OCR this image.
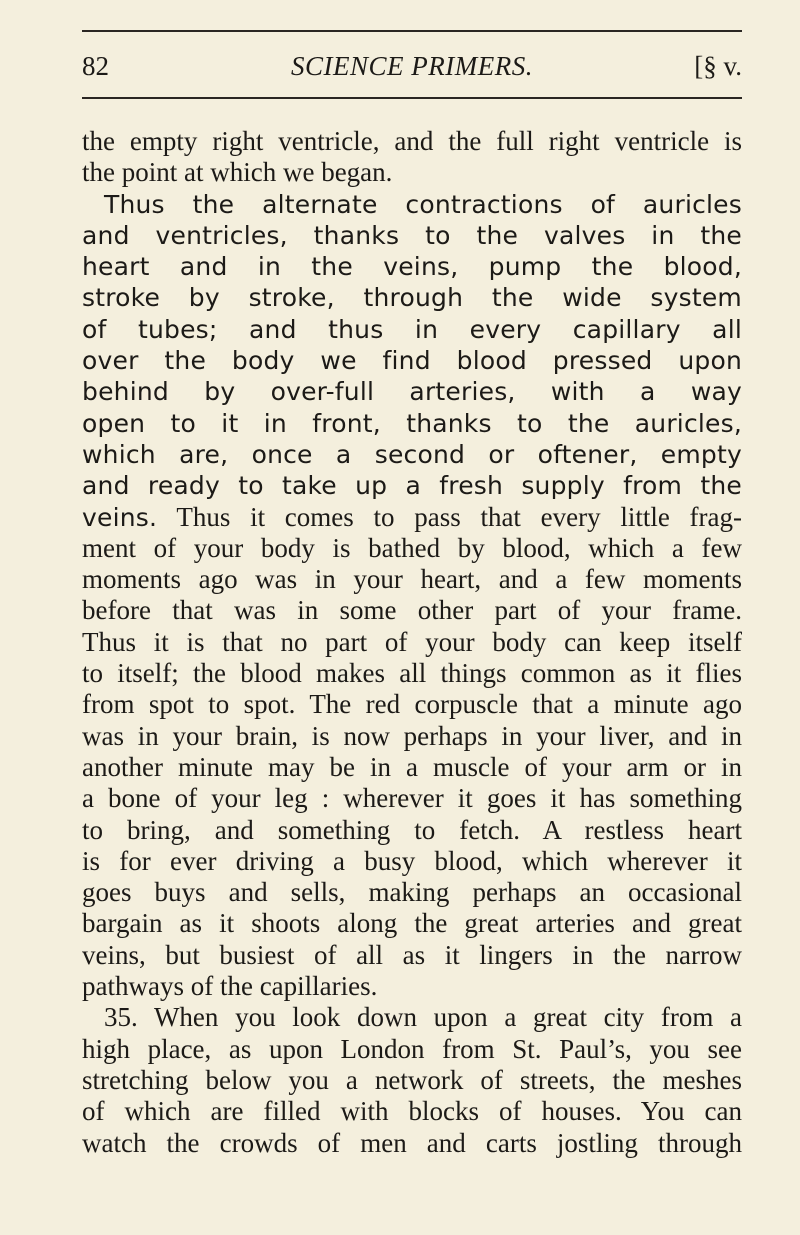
82	SCIENCE PRIMERS.	[§ v.
the empty right ventricle, and the full right ventricle is
the point at which we began.
Thus the alternate contractions of auricles
and ventricles, thanks to the valves in the
heart and in the veins, pump the blood,
stroke by stroke, through the wide system
of tubes; and thus in every capillary all
over the body we find blood pressed upon
behind by over-full arteries, with a way
open to it in front, thanks to the auricles,
which are, once a second or oftener, empty
and ready to take up a fresh supply from the
veins. Thus it comes to pass that every little frag-
ment of your body is bathed by blood, which a few
moments ago was in your heart, and a few moments
before that was in some other part of your frame.
Thus it is that no part of your body can keep itself
to itself; the blood makes all things common as it flies
from spot to spot. The red corpuscle that a minute ago
was in your brain, is now perhaps in your liver, and in
another minute may be in a muscle of your arm or in
a bone of your leg : wherever it goes it has something
to bring, and something to fetch. A restless heart
is for ever driving a busy blood, which wherever it
goes buys and sells, making perhaps an occasional
bargain as it shoots along the great arteries and great
veins, but busiest of all as it lingers in the narrow
pathways of the capillaries.
35. When you look down upon a great city from a
high place, as upon London from St. Paul’s, you see
stretching below you a network of streets, the meshes
of which are filled with blocks of houses. You can
watch the crowds of men and carts jostling through
